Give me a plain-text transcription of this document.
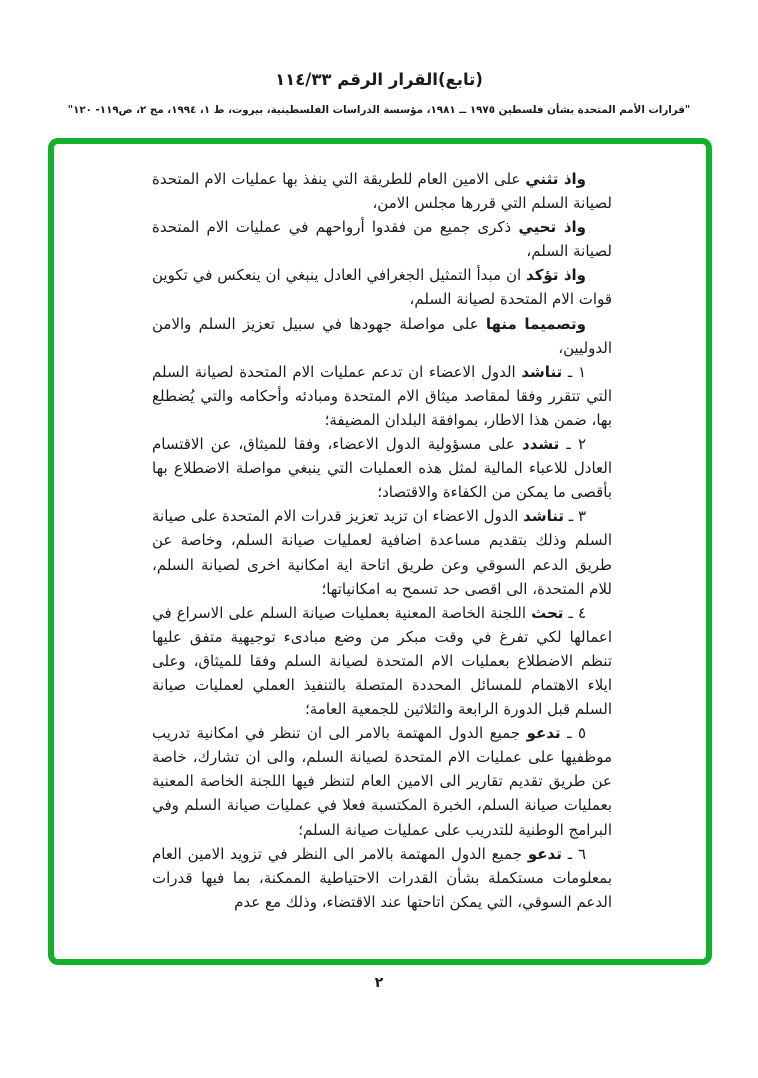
(تابع)القرار الرقم ١١٤/٣٣
"قرارات الأمم المتحدة بشأن فلسطين ١٩٧٥ ــ ١٩٨١، مؤسسة الدراسات الفلسطينية، بيروت، ط ١، ١٩٩٤، مج ٢، ص١١٩- ١٢٠"

واذ تثني على الامين العام للطريقة التي ينفذ بها عمليات الام المتحدة لصيانة السلم التي قررها مجلس الامن،

واذ تحيي ذكرى جميع من فقدوا أرواحهم في عمليات الام المتحدة لصيانة السلم،

واذ تؤكد ان مبدأ التمثيل الجغرافي العادل ينبغي ان ينعكس في تكوين قوات الام المتحدة لصيانة السلم،

وتصميما منها على مواصلة جهودها في سبيل تعزيز السلم والامن الدوليين،

١ ـ تناشد الدول الاعضاء ان تدعم عمليات الام المتحدة لصيانة السلم التي تتقرر وفقا لمقاصد ميثاق الام المتحدة ومبادئه وأحكامه والتي يُضطلع بها، ضمن هذا الاطار، بموافقة البلدان المضيفة؛

٢ ـ تشدد على مسؤولية الدول الاعضاء، وفقا للميثاق، عن الاقتسام العادل للاعباء المالية لمثل هذه العمليات التي ينبغي مواصلة الاضطلاع بها بأقصى ما يمكن من الكفاءة والاقتصاد؛

٣ ـ تناشد الدول الاعضاء ان تزيد تعزيز قدرات الام المتحدة على صيانة السلم وذلك بتقديم مساعدة اضافية لعمليات صيانة السلم، وخاصة عن طريق الدعم السوقي وعن طريق اتاحة اية امكانية اخرى لصيانة السلم، للام المتحدة، الى اقصى حد تسمح به امكانياتها؛

٤ ـ تحث اللجنة الخاصة المعنية بعمليات صيانة السلم على الاسراع في اعمالها لكي تفرغ في وقت مبكر من وضع مبادىء توجيهية متفق عليها تنظم الاضطلاع بعمليات الام المتحدة لصيانة السلم وفقا للميثاق، وعلى ايلاء الاهتمام للمسائل المحددة المتصلة بالتنفيذ العملي لعمليات صيانة السلم قبل الدورة الرابعة والثلاثين للجمعية العامة؛

٥ ـ تدعو جميع الدول المهتمة بالامر الى ان تنظر في امكانية تدريب موظفيها على عمليات الام المتحدة لصيانة السلم، والى ان تشارك، خاصة عن طريق تقديم تقارير الى الامين العام لتنظر فيها اللجنة الخاصة المعنية بعمليات صيانة السلم، الخبرة المكتسبة فعلا في عمليات صيانة السلم وفي البرامج الوطنية للتدريب على عمليات صيانة السلم؛

٦ ـ تدعو جميع الدول المهتمة بالامر الى النظر في تزويد الامين العام بمعلومات مستكملة بشأن القدرات الاحتياطية الممكنة، بما فيها قدرات الدعم السوقي، التي يمكن اتاحتها عند الاقتضاء، وذلك مع عدم

٢
